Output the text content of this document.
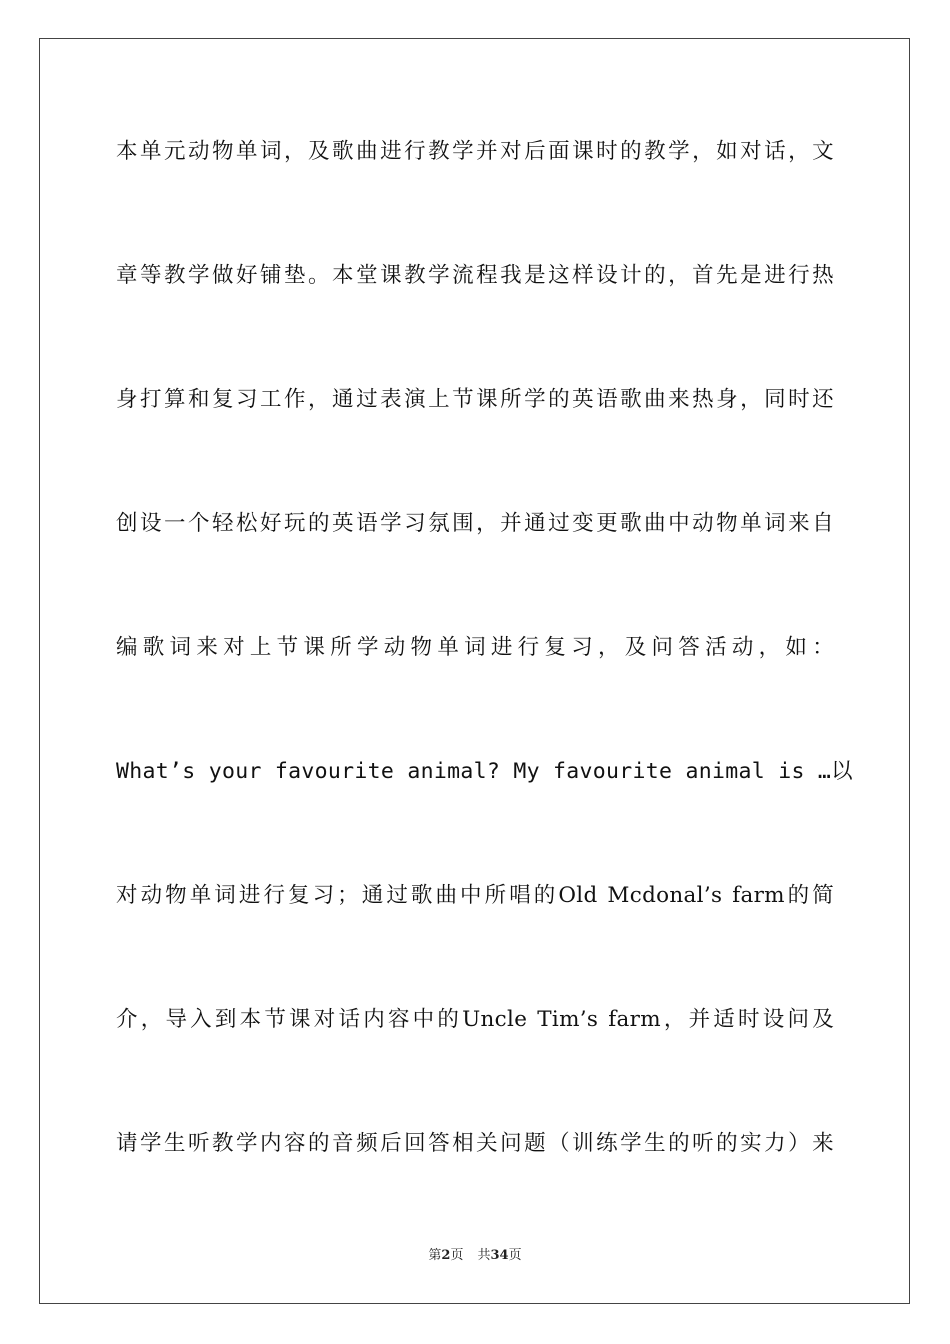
本单元动物单词，及歌曲进行教学并对后面课时的教学，如对话，文
章等教学做好铺垫。本堂课教学流程我是这样设计的，首先是进行热
身打算和复习工作，通过表演上节课所学的英语歌曲来热身，同时还
创设一个轻松好玩的英语学习氛围，并通过变更歌曲中动物单词来自
编歌词来对上节课所学动物单词进行复习，及问答活动，如：
What’s your favourite animal? My favourite animal is …以
对动物单词进行复习；通过歌曲中所唱的Old Mcdonal’s farm的简
介，导入到本节课对话内容中的Uncle Tim’s farm，并适时设问及
请学生听教学内容的音频后回答相关问题（训练学生的听的实力）来
第2页 共34页
